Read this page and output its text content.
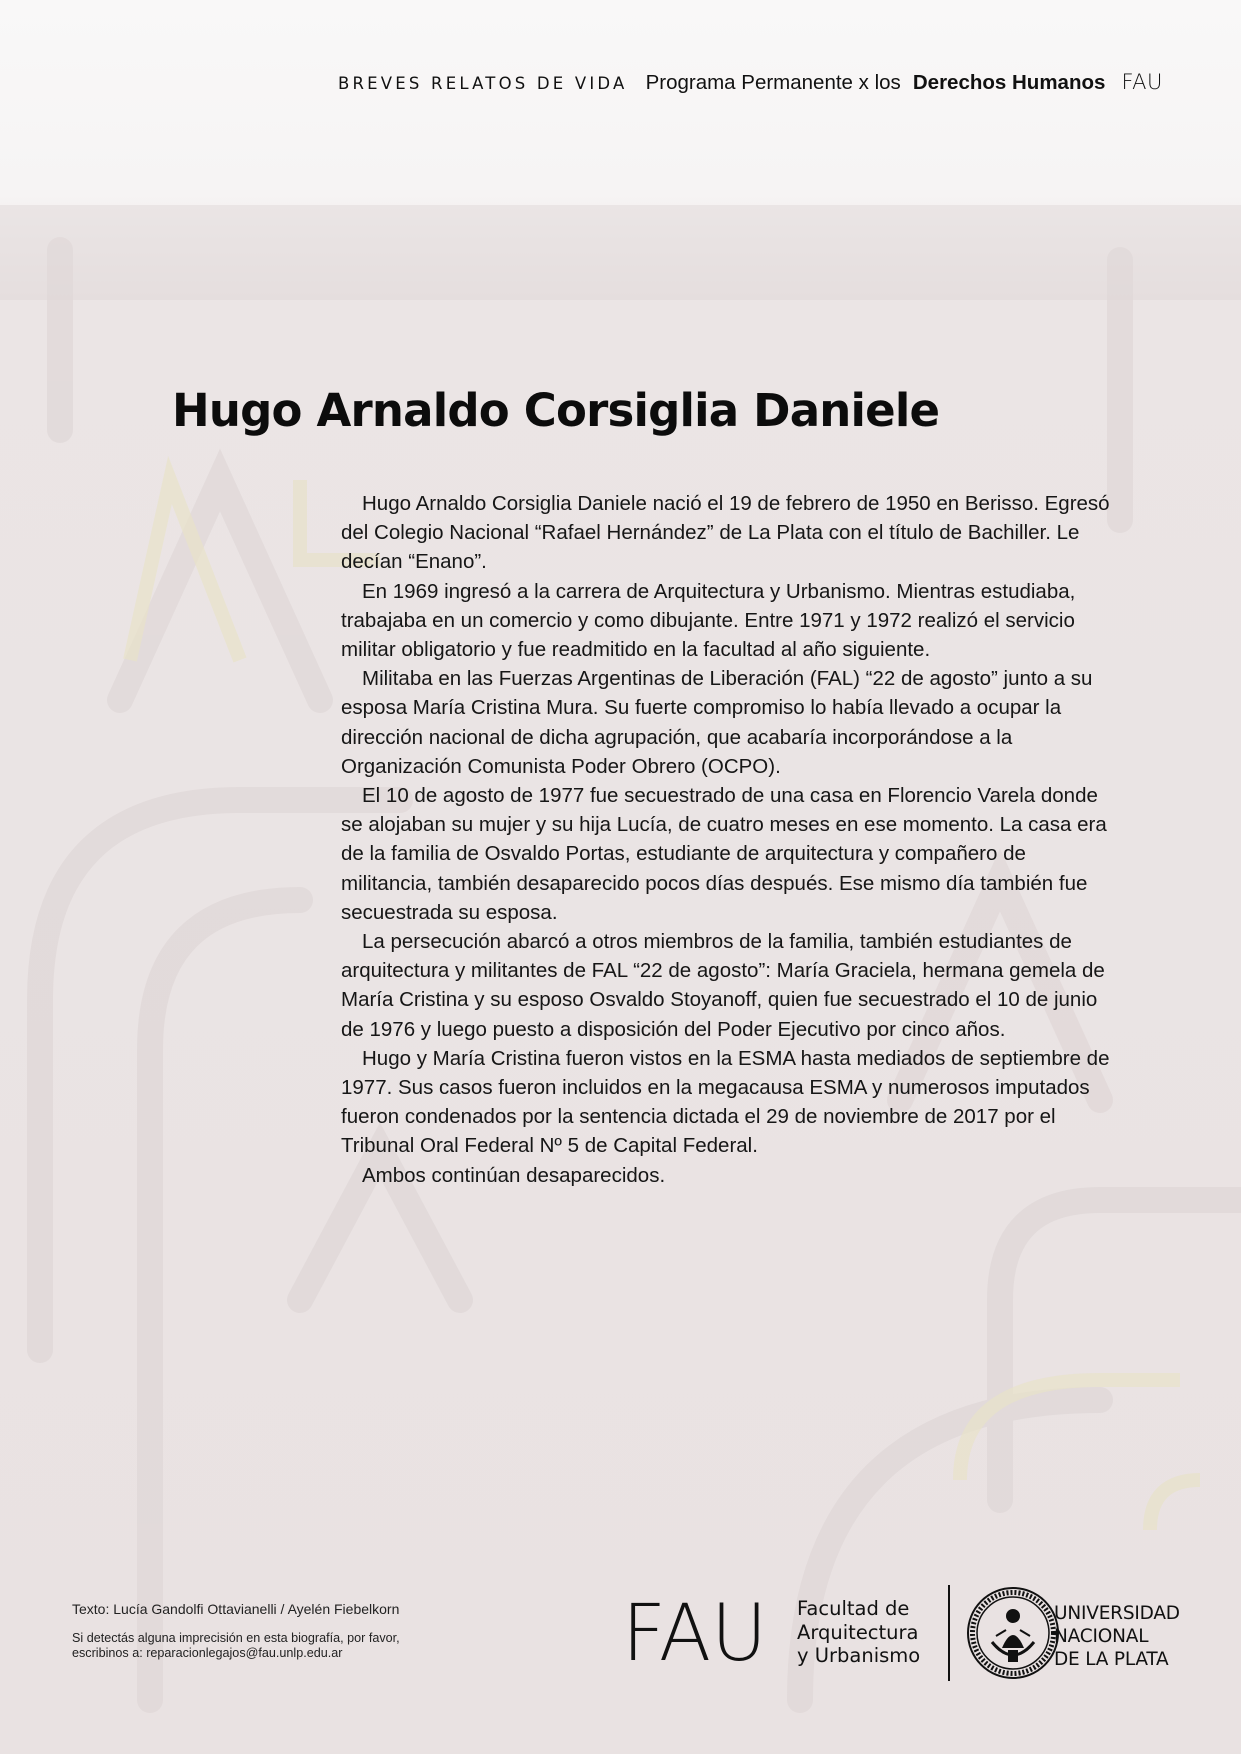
BREVES RELATOS DE VIDA Programa Permanente x los Derechos Humanos FAU
Hugo Arnaldo Corsiglia Daniele

Hugo Arnaldo Corsiglia Daniele nació el 19 de febrero de 1950 en Berisso. Egresó del Colegio Nacional “Rafael Hernández” de La Plata con el título de Bachiller. Le decían “Enano”.

En 1969 ingresó a la carrera de Arquitectura y Urbanismo. Mientras estudiaba, trabajaba en un comercio y como dibujante. Entre 1971 y 1972 realizó el servicio militar obligatorio y fue readmitido en la facultad al año siguiente.

Militaba en las Fuerzas Argentinas de Liberación (FAL) “22 de agosto” junto a su esposa María Cristina Mura. Su fuerte compromiso lo había llevado a ocupar la dirección nacional de dicha agrupación, que acabaría incorporándose a la Organización Comunista Poder Obrero (OCPO).

El 10 de agosto de 1977 fue secuestrado de una casa en Florencio Varela donde se alojaban su mujer y su hija Lucía, de cuatro meses en ese momento. La casa era de la familia de Osvaldo Portas, estudiante de arquitectura y compañero de militancia, también desaparecido pocos días después. Ese mismo día también fue secuestrada su esposa.

La persecución abarcó a otros miembros de la familia, también estudiantes de arquitectura y militantes de FAL “22 de agosto”: María Graciela, hermana gemela de María Cristina y su esposo Osvaldo Stoyanoff, quien fue secuestrado el 10 de junio de 1976 y luego puesto a disposición del Poder Ejecutivo por cinco años.

Hugo y María Cristina fueron vistos en la ESMA hasta mediados de septiembre de 1977. Sus casos fueron incluidos en la megacausa ESMA y numerosos imputados fueron condenados por la sentencia dictada el 29 de noviembre de 2017 por el Tribunal Oral Federal Nº 5 de Capital Federal.

Ambos continúan desaparecidos.

Texto: Lucía Gandolfi Ottavianelli / Ayelén Fiebelkorn
Si detectás alguna imprecisión en esta biografía, por favor,
escribinos a: reparacionlegajos@fau.unlp.edu.ar	FAU Facultad de
Arquitectura
y Urbanismo
UNIVERSIDAD
NACIONAL
DE LA PLATA
